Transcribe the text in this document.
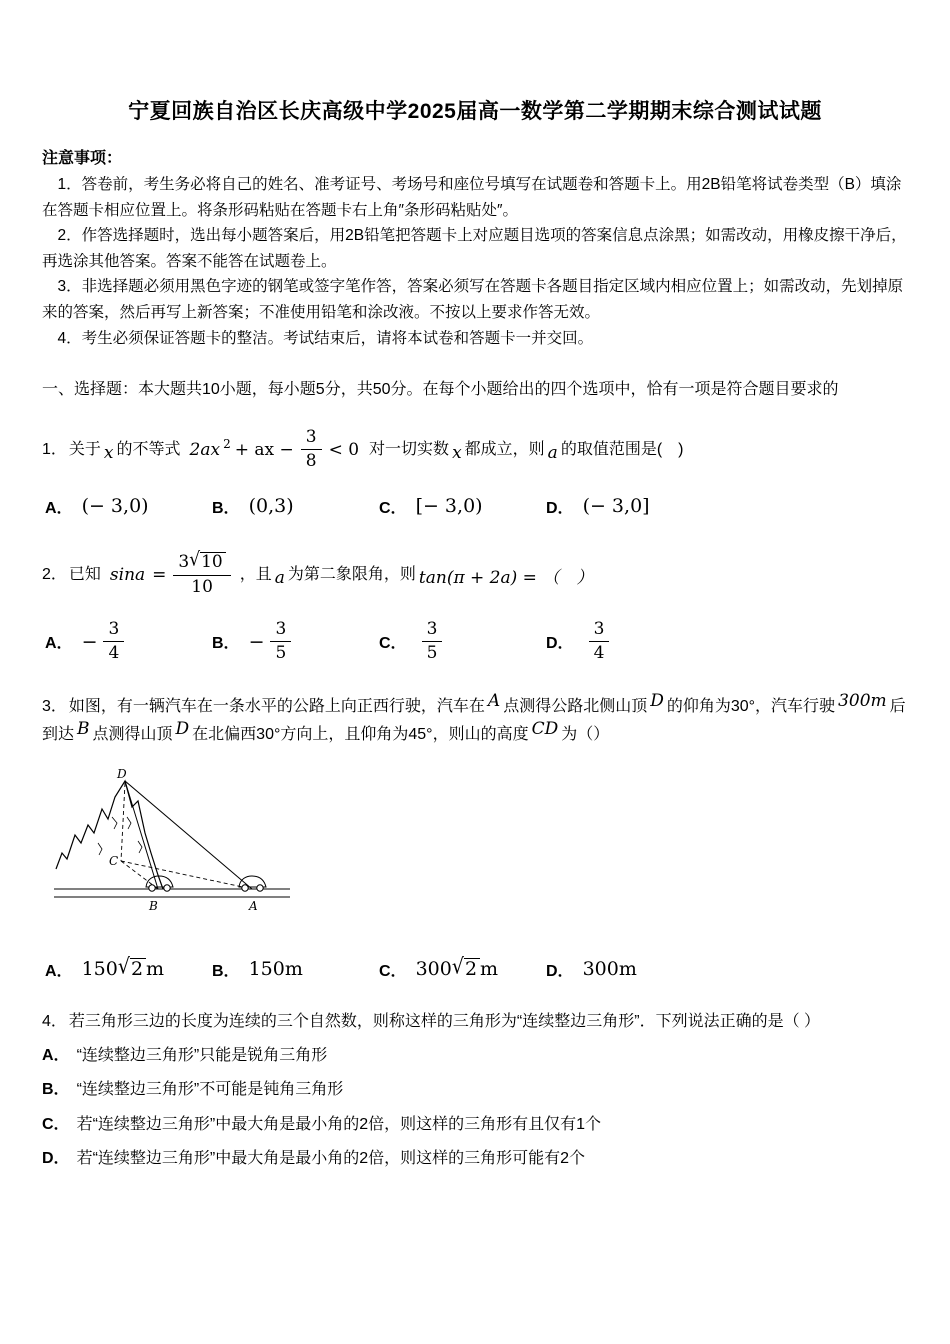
宁夏回族自治区长庆高级中学2025届高一数学第二学期期末综合测试试题

注意事项：

1．答卷前，考生务必将自己的姓名、准考证号、考场号和座位号填写在试题卷和答题卡上。用2B铅笔将试卷类型（B）填涂在答题卡相应位置上。将条形码粘贴在答题卡右上角″条形码粘贴处″。

2．作答选择题时，选出每小题答案后，用2B铅笔把答题卡上对应题目选项的答案信息点涂黑；如需改动，用橡皮擦干净后，再选涂其他答案。答案不能答在试题卷上。

3．非选择题必须用黑色字迹的钢笔或签字笔作答，答案必须写在答题卡各题目指定区域内相应位置上；如需改动，先划掉原来的答案，然后再写上新答案；不准使用铅笔和涂改液。不按以上要求作答无效。

4．考生必须保证答题卡的整洁。考试结束后，请将本试卷和答题卡一并交回。

一、选择题：本大题共10小题，每小题5分，共50分。在每个小题给出的四个选项中，恰有一项是符合题目要求的

1． 关于 x 的不等式 2ax $^2$ + ax − $\frac{3}{8} < 0$ 对一切实数 x 都成立，则 a 的取值范围是(　)
A． (− 3,0)	B． (0,3)	C． [− 3,0)	D． (− 3,0]
2． 已知 $\sin a = \frac{3 √ 10}{10}$ ，且 a 为第二象限角，则 tan(π + 2a) = （　）
A． − $\frac{3}{4}$	B． − $\frac{3}{5}$	C． $\frac{3}{5}$	D． $\frac{3}{4}$

3． 如图，有一辆汽车在一条水平的公路上向正西行驶，汽车在 A 点测得公路北侧山顶 D 的仰角为30°，汽车行驶 300m 后到达 B 点测得山顶 D 在北偏西30°方向上，且仰角为45°，则山的高度 CD 为（）

D
C
B	A
A． 150 √ 2 m	B． 150m	C． 300 √ 2 m	D． 300m

4． 若三角形三边的长度为连续的三个自然数，则称这样的三角形为“连续整边三角形”．下列说法正确的是（ ）

A． “连续整边三角形”只能是锐角三角形
B． “连续整边三角形”不可能是钝角三角形
C． 若“连续整边三角形”中最大角是最小角的2倍，则这样的三角形有且仅有1个
D． 若“连续整边三角形”中最大角是最小角的2倍，则这样的三角形可能有2个
